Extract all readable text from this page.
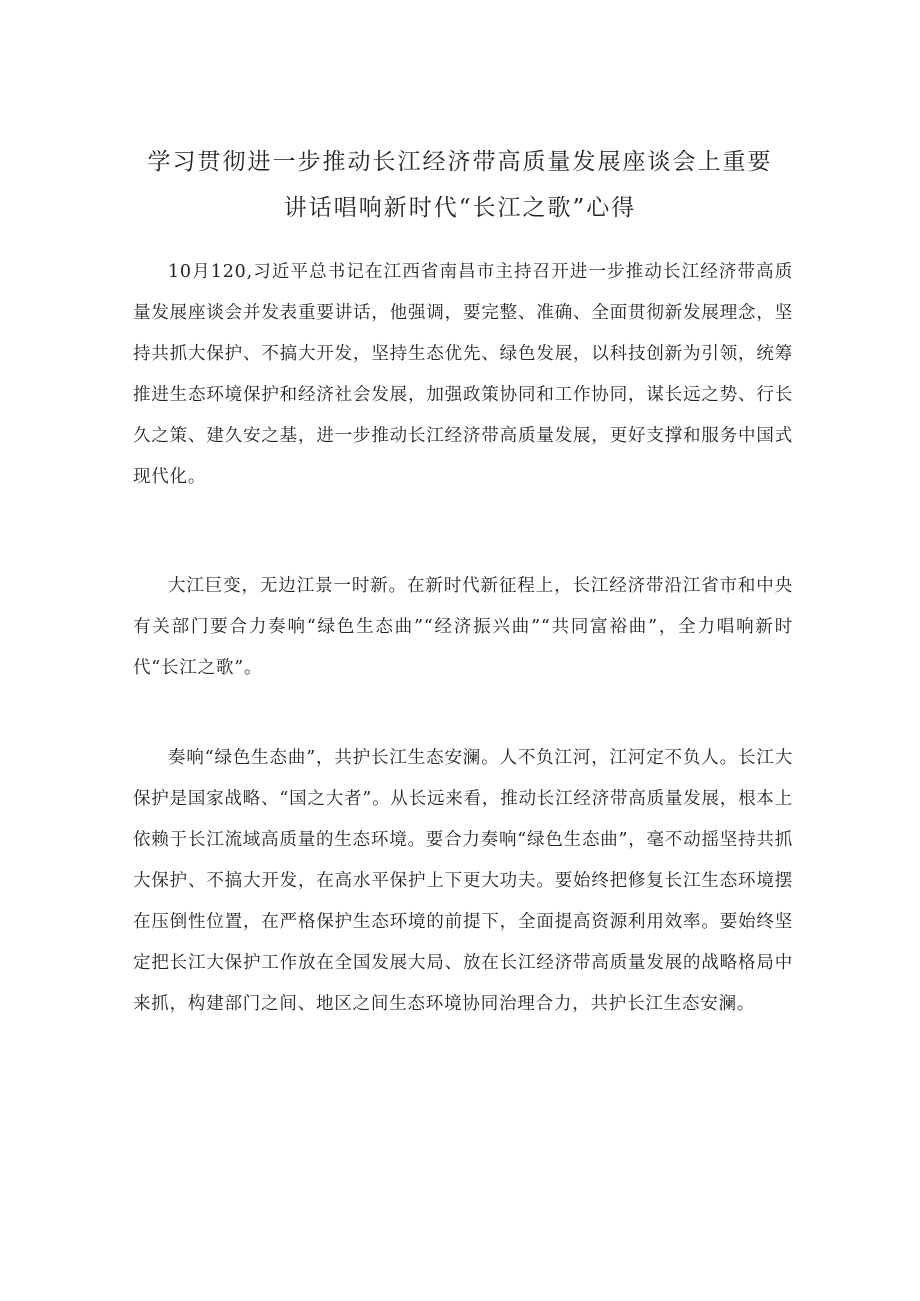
学习贯彻进一步推动长江经济带高质量发展座谈会上重要
讲话唱响新时代“长江之歌”心得

10月120,习近平总书记在江西省南昌市主持召开进一步推动长江经济带高质量发展座谈会并发表重要讲话，他强调，要完整、准确、全面贯彻新发展理念，坚持共抓大保护、不搞大开发，坚持生态优先、绿色发展，以科技创新为引领，统筹推进生态环境保护和经济社会发展，加强政策协同和工作协同，谋长远之势、行长久之策、建久安之基，进一步推动长江经济带高质量发展，更好支撑和服务中国式现代化。

大江巨变，无边江景一时新。在新时代新征程上，长江经济带沿江省市和中央有关部门要合力奏响“绿色生态曲”“经济振兴曲”“共同富裕曲”，全力唱响新时代“长江之歌”。

奏响“绿色生态曲”，共护长江生态安澜。人不负江河，江河定不负人。长江大保护是国家战略、“国之大者”。从长远来看，推动长江经济带高质量发展，根本上依赖于长江流域高质量的生态环境。要合力奏响“绿色生态曲”，毫不动摇坚持共抓大保护、不搞大开发，在高水平保护上下更大功夫。要始终把修复长江生态环境摆在压倒性位置，在严格保护生态环境的前提下，全面提高资源利用效率。要始终坚定把长江大保护工作放在全国发展大局、放在长江经济带高质量发展的战略格局中来抓，构建部门之间、地区之间生态环境协同治理合力，共护长江生态安澜。
